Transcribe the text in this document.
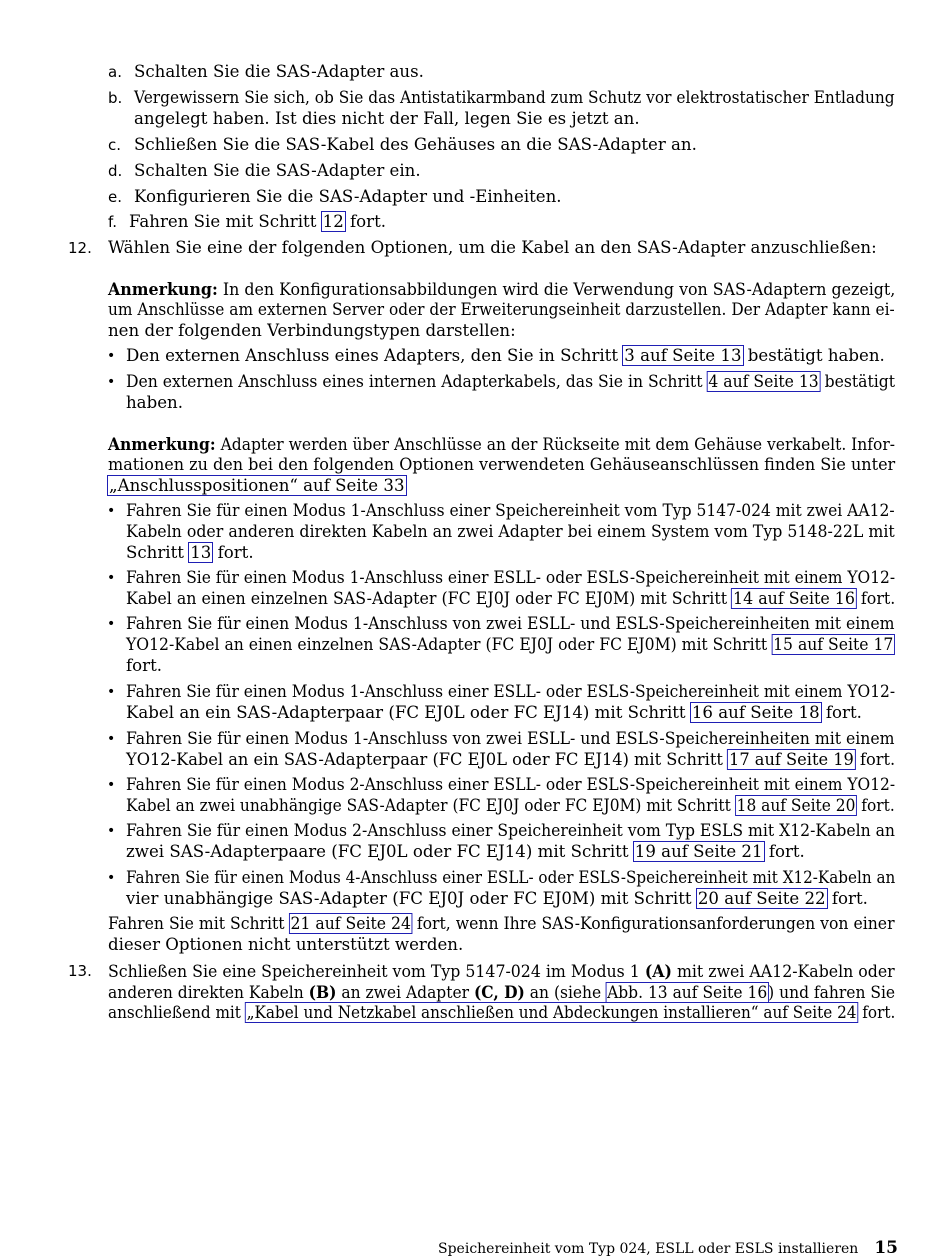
a. Schalten Sie die SAS-Adapter aus.
b. Vergewissern Sie sich, ob Sie das Antistatikarmband zum Schutz vor elektrostatischer Entladung
angelegt haben. Ist dies nicht der Fall, legen Sie es jetzt an.
c. Schließen Sie die SAS-Kabel des Gehäuses an die SAS-Adapter an.
d. Schalten Sie die SAS-Adapter ein.
e. Konfigurieren Sie die SAS-Adapter und -Einheiten.
f. Fahren Sie mit Schritt 12 fort.
12. Wählen Sie eine der folgenden Optionen, um die Kabel an den SAS-Adapter anzuschließen:
Anmerkung: In den Konfigurationsabbildungen wird die Verwendung von SAS-Adaptern gezeigt,
um Anschlüsse am externen Server oder der Erweiterungseinheit darzustellen. Der Adapter kann ei-
nen der folgenden Verbindungstypen darstellen:
• Den externen Anschluss eines Adapters, den Sie in Schritt 3 auf Seite 13 bestätigt haben.
• Den externen Anschluss eines internen Adapterkabels, das Sie in Schritt 4 auf Seite 13 bestätigt
haben.
Anmerkung: Adapter werden über Anschlüsse an der Rückseite mit dem Gehäuse verkabelt. Infor-
mationen zu den bei den folgenden Optionen verwendeten Gehäuseanschlüssen finden Sie unter
„Anschlusspositionen“ auf Seite 33
• Fahren Sie für einen Modus 1-Anschluss einer Speichereinheit vom Typ 5147-024 mit zwei AA12-
Kabeln oder anderen direkten Kabeln an zwei Adapter bei einem System vom Typ 5148-22L mit
Schritt 13 fort.
• Fahren Sie für einen Modus 1-Anschluss einer ESLL- oder ESLS-Speichereinheit mit einem YO12-
Kabel an einen einzelnen SAS-Adapter (FC EJ0J oder FC EJ0M) mit Schritt 14 auf Seite 16 fort.
• Fahren Sie für einen Modus 1-Anschluss von zwei ESLL- und ESLS-Speichereinheiten mit einem
YO12-Kabel an einen einzelnen SAS-Adapter (FC EJ0J oder FC EJ0M) mit Schritt 15 auf Seite 17
fort.
• Fahren Sie für einen Modus 1-Anschluss einer ESLL- oder ESLS-Speichereinheit mit einem YO12-
Kabel an ein SAS-Adapterpaar (FC EJ0L oder FC EJ14) mit Schritt 16 auf Seite 18 fort.
• Fahren Sie für einen Modus 1-Anschluss von zwei ESLL- und ESLS-Speichereinheiten mit einem
YO12-Kabel an ein SAS-Adapterpaar (FC EJ0L oder FC EJ14) mit Schritt 17 auf Seite 19 fort.
• Fahren Sie für einen Modus 2-Anschluss einer ESLL- oder ESLS-Speichereinheit mit einem YO12-
Kabel an zwei unabhängige SAS-Adapter (FC EJ0J oder FC EJ0M) mit Schritt 18 auf Seite 20 fort.
• Fahren Sie für einen Modus 2-Anschluss einer Speichereinheit vom Typ ESLS mit X12-Kabeln an
zwei SAS-Adapterpaare (FC EJ0L oder FC EJ14) mit Schritt 19 auf Seite 21 fort.
• Fahren Sie für einen Modus 4-Anschluss einer ESLL- oder ESLS-Speichereinheit mit X12-Kabeln an
vier unabhängige SAS-Adapter (FC EJ0J oder FC EJ0M) mit Schritt 20 auf Seite 22 fort.
Fahren Sie mit Schritt 21 auf Seite 24 fort, wenn Ihre SAS-Konfigurationsanforderungen von einer
dieser Optionen nicht unterstützt werden.
13. Schließen Sie eine Speichereinheit vom Typ 5147-024 im Modus 1 (A) mit zwei AA12-Kabeln oder
anderen direkten Kabeln (B) an zwei Adapter (C, D) an (siehe Abb. 13 auf Seite 16) und fahren Sie
anschließend mit „Kabel und Netzkabel anschließen und Abdeckungen installieren“ auf Seite 24 fort.
Speichereinheit vom Typ 024, ESLL oder ESLS installieren 15
